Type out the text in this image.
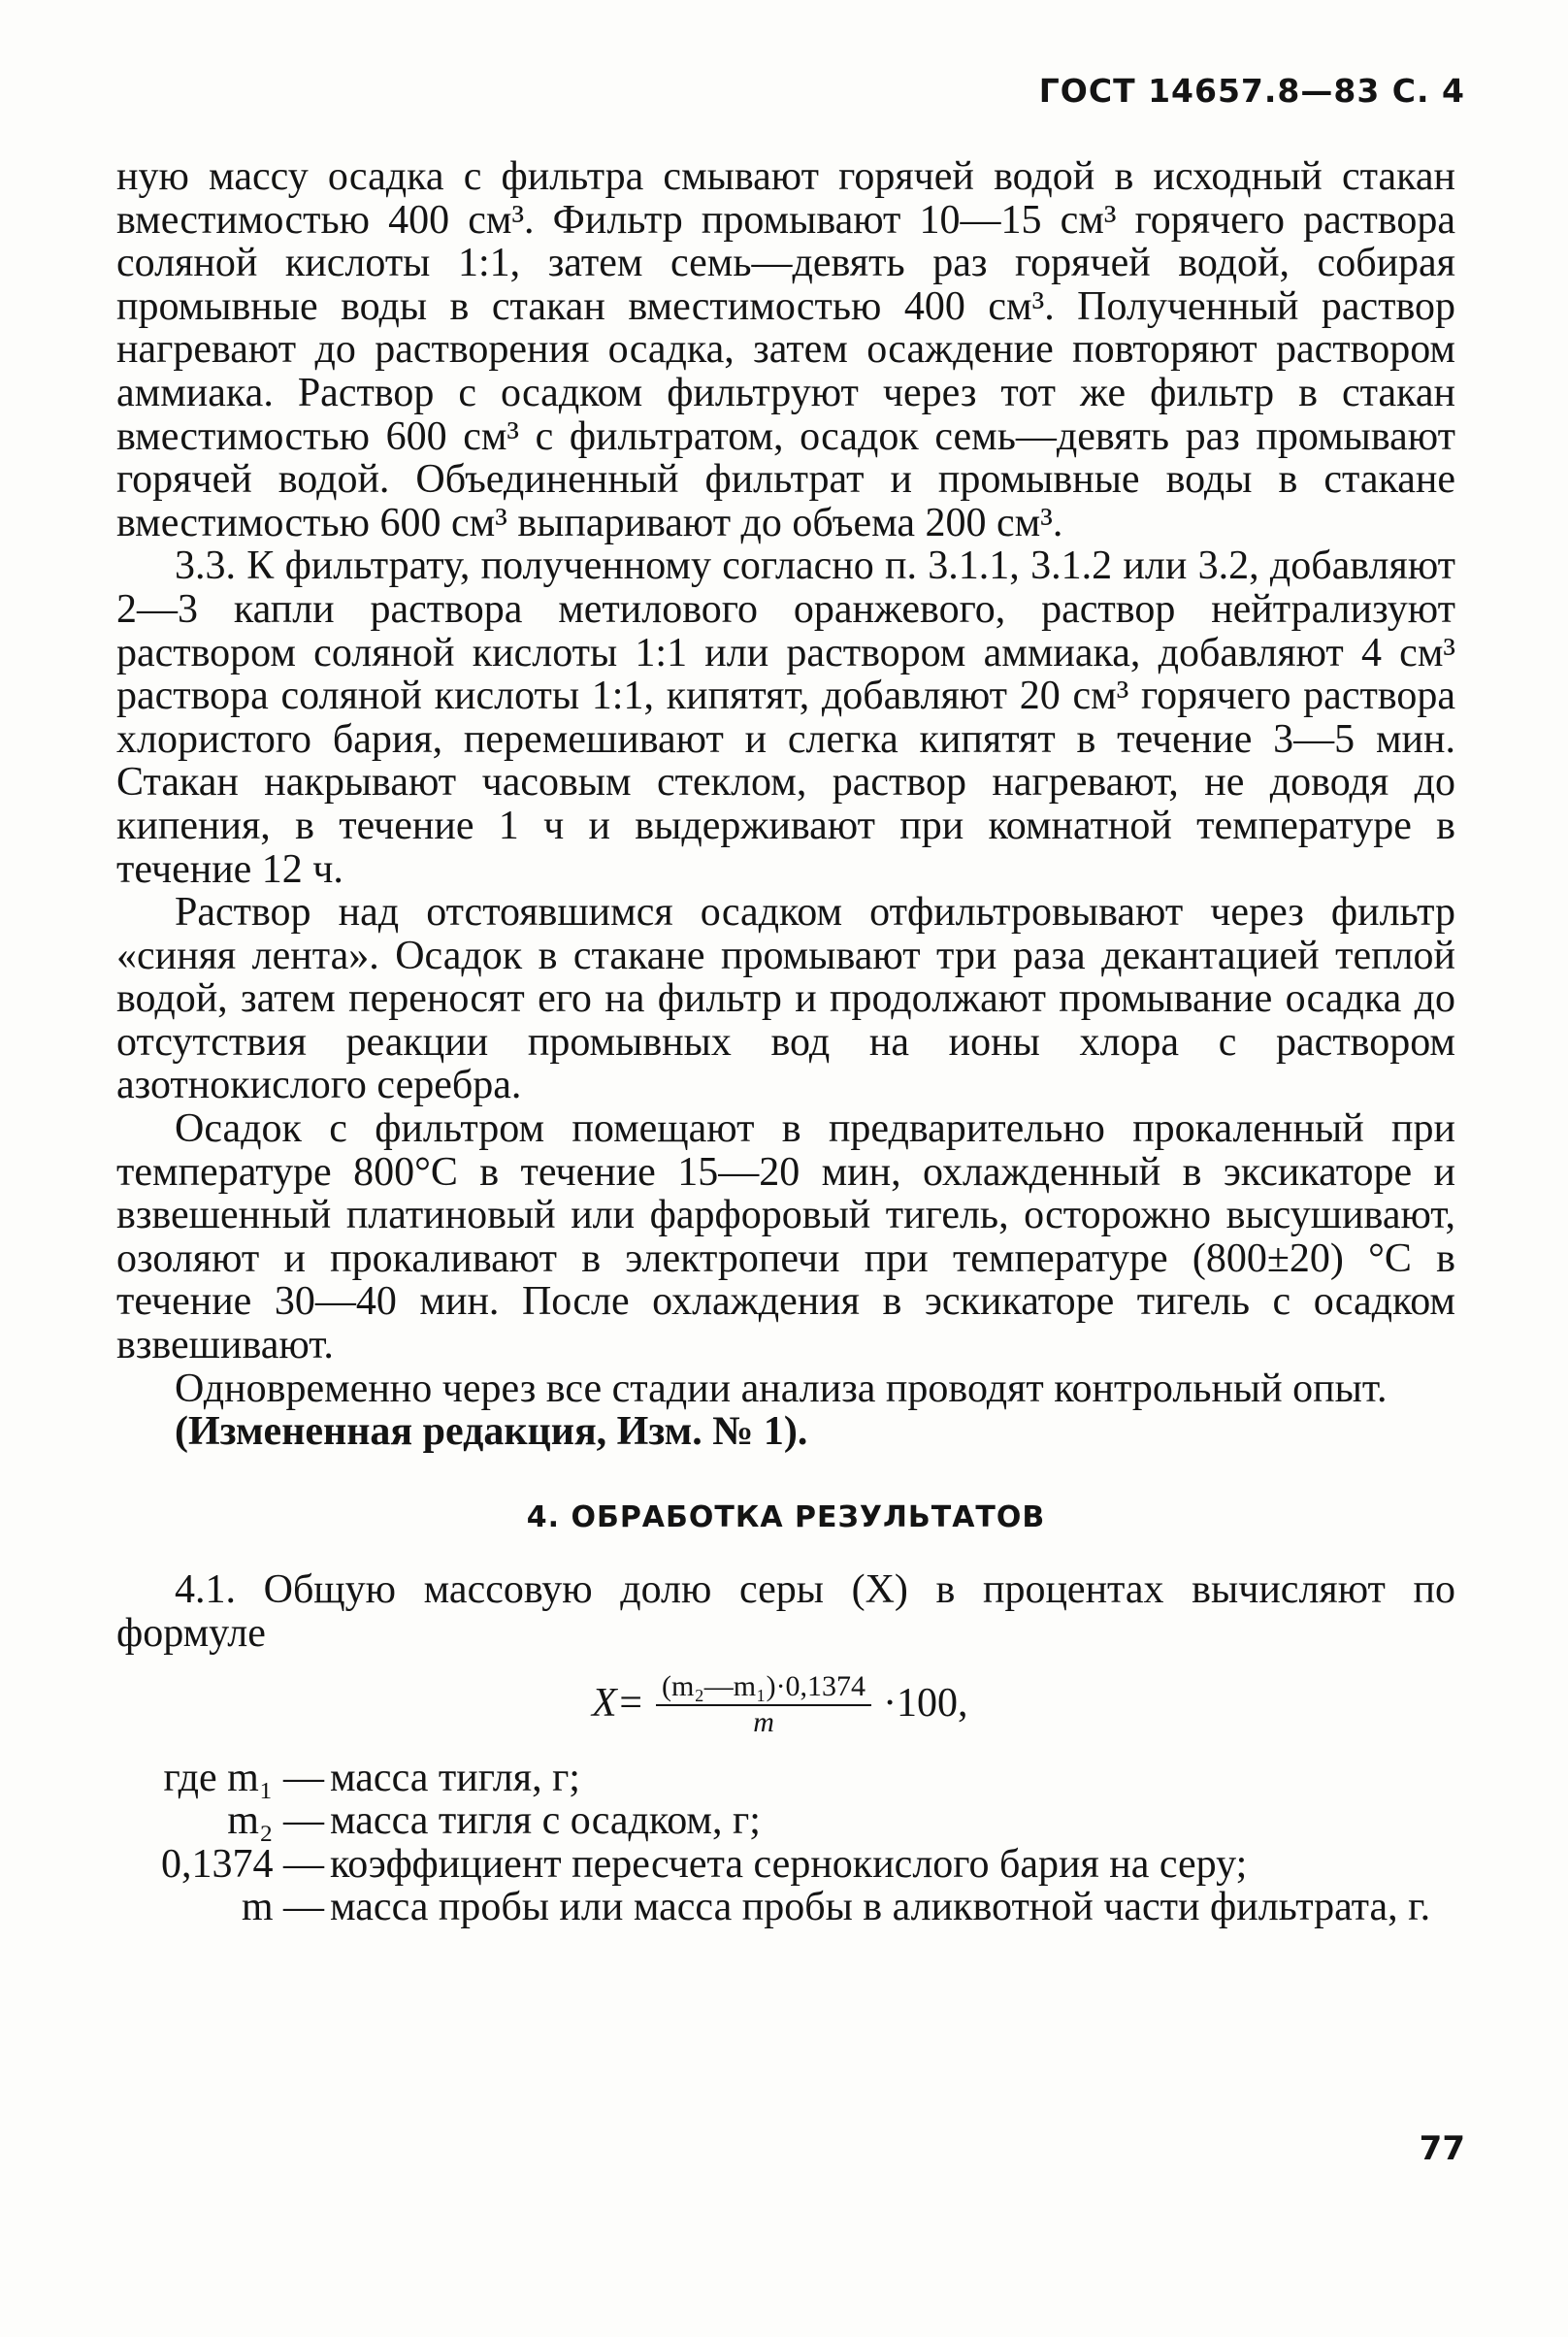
ГОСТ 14657.8—83 С. 4

ную массу осадка с фильтра смывают горячей водой в исходный стакан вместимостью 400 см³. Фильтр промывают 10—15 см³ горячего раствора соляной кислоты 1:1, затем семь—девять раз горячей водой, собирая промывные воды в стакан вместимостью 400 см³. Полученный раствор нагревают до растворения осадка, затем осаждение повторяют раствором аммиака. Раствор с осадком фильтруют через тот же фильтр в стакан вместимостью 600 см³ с фильтратом, осадок семь—девять раз промывают горячей водой. Объединенный фильтрат и промывные воды в стакане вместимостью 600 см³ выпаривают до объема 200 см³.

3.3. К фильтрату, полученному согласно п. 3.1.1, 3.1.2 или 3.2, добавляют 2—3 капли раствора метилового оранжевого, раствор нейтрализуют раствором соляной кислоты 1:1 или раствором аммиака, добавляют 4 см³ раствора соляной кислоты 1:1, кипятят, добавляют 20 см³ горячего раствора хлористого бария, перемешивают и слегка кипятят в течение 3—5 мин. Стакан накрывают часовым стеклом, раствор нагревают, не доводя до кипения, в течение 1 ч и выдерживают при комнатной температуре в течение 12 ч.

Раствор над отстоявшимся осадком отфильтровывают через фильтр «синяя лента». Осадок в стакане промывают три раза декантацией теплой водой, затем переносят его на фильтр и продолжают промывание осадка до отсутствия реакции промывных вод на ионы хлора с раствором азотнокислого серебра.

Осадок с фильтром помещают в предварительно прокаленный при температуре 800°С в течение 15—20 мин, охлажденный в эксикаторе и взвешенный платиновый или фарфоровый тигель, осторожно высушивают, озоляют и прокаливают в электропечи при температуре (800±20) °С в течение 30—40 мин. После охлаждения в эскикаторе тигель с осадком взвешивают.

Одновременно через все стадии анализа проводят контрольный опыт.

(Измененная редакция, Изм. № 1).

4. ОБРАБОТКА РЕЗУЛЬТАТОВ

4.1. Общую массовую долю серы (X) в процентах вычисляют по формуле

$X= \frac{\text{(m₂—m₁)·0,1374}}{m} \cdot 100$,
где m₁ — масса тигля, г;
m₂ — масса тигля с осадком, г;
0,1374 — коэффициент пересчета сернокислого бария на серу;
m — масса пробы или масса пробы в аликвотной части фильтрата, г.
77
